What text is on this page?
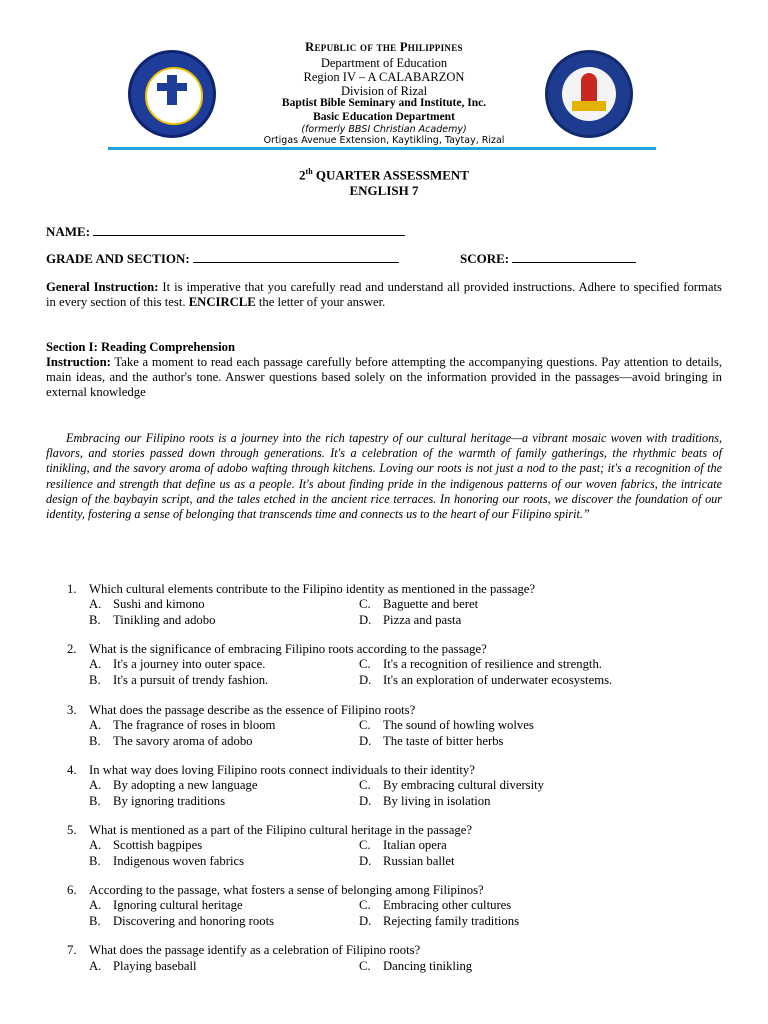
Republic of the Philippines
Department of Education
Region IV – A CALABARZON
Division of Rizal
Baptist Bible Seminary and Institute, Inc.
Basic Education Department
(formerly BBSI Christian Academy)
Ortigas Avenue Extension, Kaytikling, Taytay, Rizal
2th QUARTER ASSESSMENT
ENGLISH 7
NAME:
GRADE AND SECTION:	SCORE:
General Instruction: It is imperative that you carefully read and understand all provided instructions. Adhere to specified formats in every section of this test. ENCIRCLE the letter of your answer.
Section I: Reading Comprehension
Instruction: Take a moment to read each passage carefully before attempting the accompanying questions. Pay attention to details, main ideas, and the author's tone. Answer questions based solely on the information provided in the passages—avoid bringing in external knowledge
Embracing our Filipino roots is a journey into the rich tapestry of our cultural heritage—a vibrant mosaic woven with traditions, flavors, and stories passed down through generations. It's a celebration of the warmth of family gatherings, the rhythmic beats of tinikling, and the savory aroma of adobo wafting through kitchens. Loving our roots is not just a nod to the past; it's a recognition of the resilience and strength that define us as a people. It's about finding pride in the indigenous patterns of our woven fabrics, the intricate design of the baybayin script, and the tales etched in the ancient rice terraces. In honoring our roots, we discover the foundation of our identity, fostering a sense of belonging that transcends time and connects us to the heart of our Filipino spirit.”
1. Which cultural elements contribute to the Filipino identity as mentioned in the passage?
A. Sushi and kimono	C. Baguette and beret
B. Tinikling and adobo	D. Pizza and pasta
2. What is the significance of embracing Filipino roots according to the passage?
A. It's a journey into outer space.	C. It's a recognition of resilience and strength.
B. It's a pursuit of trendy fashion.	D. It's an exploration of underwater ecosystems.
3. What does the passage describe as the essence of Filipino roots?
A. The fragrance of roses in bloom	C. The sound of howling wolves
B. The savory aroma of adobo	D. The taste of bitter herbs
4. In what way does loving Filipino roots connect individuals to their identity?
A. By adopting a new language	C. By embracing cultural diversity
B. By ignoring traditions	D. By living in isolation
5. What is mentioned as a part of the Filipino cultural heritage in the passage?
A. Scottish bagpipes	C. Italian opera
B. Indigenous woven fabrics	D. Russian ballet
6. According to the passage, what fosters a sense of belonging among Filipinos?
A. Ignoring cultural heritage	C. Embracing other cultures
B. Discovering and honoring roots	D. Rejecting family traditions
7. What does the passage identify as a celebration of Filipino roots?
A. Playing baseball	C. Dancing tinikling
